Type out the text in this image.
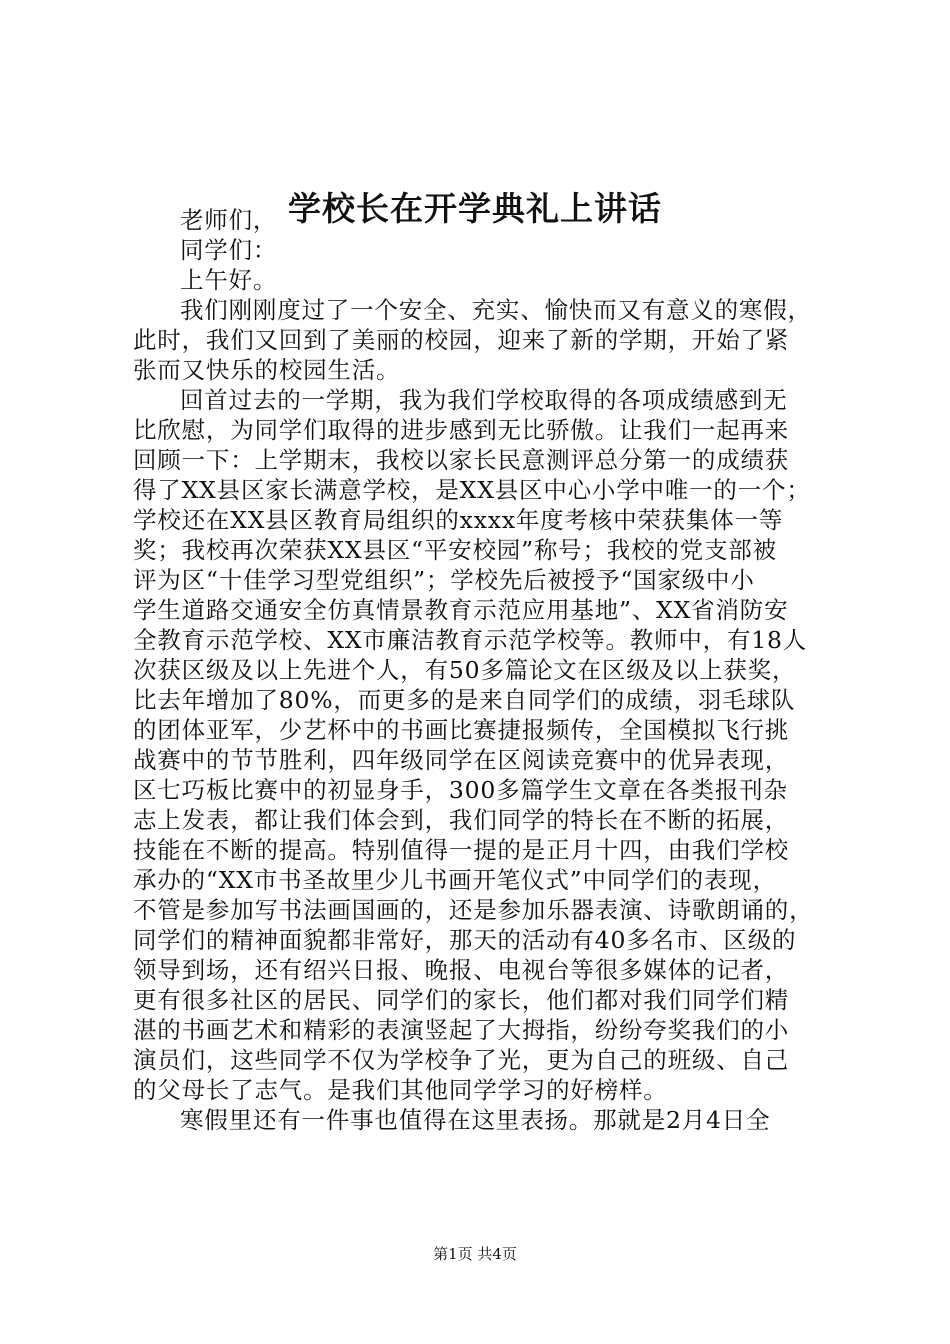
学校长在开学典礼上讲话
老师们，
同学们：
上午好。
我们刚刚度过了一个安全、充实、愉快而又有意义的寒假，
此时，我们又回到了美丽的校园，迎来了新的学期，开始了紧
张而又快乐的校园生活。
回首过去的一学期，我为我们学校取得的各项成绩感到无
比欣慰，为同学们取得的进步感到无比骄傲。让我们一起再来
回顾一下：上学期末，我校以家长民意测评总分第一的成绩获
得了XX县区家长满意学校，是XX县区中心小学中唯一的一个；
学校还在XX县区教育局组织的xxxx年度考核中荣获集体一等
奖；我校再次荣获XX县区“平安校园”称号；我校的党支部被
评为区“十佳学习型党组织”；学校先后被授予“国家级中小
学生道路交通安全仿真情景教育示范应用基地”、XX省消防安
全教育示范学校、XX市廉洁教育示范学校等。教师中，有18人
次获区级及以上先进个人，有50多篇论文在区级及以上获奖，
比去年增加了80%，而更多的是来自同学们的成绩，羽毛球队
的团体亚军，少艺杯中的书画比赛捷报频传，全国模拟飞行挑
战赛中的节节胜利，四年级同学在区阅读竞赛中的优异表现，
区七巧板比赛中的初显身手，300多篇学生文章在各类报刊杂
志上发表，都让我们体会到，我们同学的特长在不断的拓展，
技能在不断的提高。特别值得一提的是正月十四，由我们学校
承办的“XX市书圣故里少儿书画开笔仪式”中同学们的表现，
不管是参加写书法画国画的，还是参加乐器表演、诗歌朗诵的，
同学们的精神面貌都非常好，那天的活动有40多名市、区级的
领导到场，还有绍兴日报、晚报、电视台等很多媒体的记者，
更有很多社区的居民、同学们的家长，他们都对我们同学们精
湛的书画艺术和精彩的表演竖起了大拇指，纷纷夸奖我们的小
演员们，这些同学不仅为学校争了光，更为自己的班级、自己
的父母长了志气。是我们其他同学学习的好榜样。
寒假里还有一件事也值得在这里表扬。那就是2月4日全
第1页 共4页
